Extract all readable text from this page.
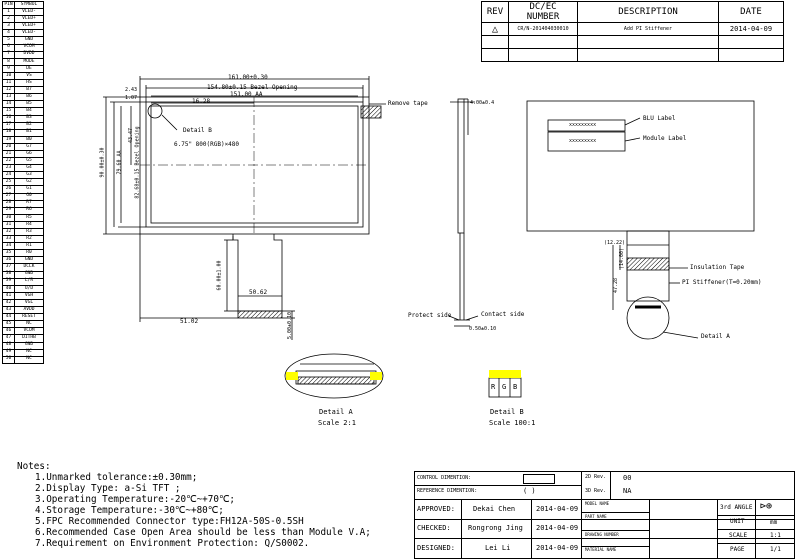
PIN	SYMBOL
1	VLED-
2	VLED+
3	VLED+
4	VLED-
5	GND
6	VCOM
7	DVDD
8	MODE
9	DE
10	VS
11	HS
12	B7
13	B6
14	B5
15	B4
16	B3
17	B2
18	B1
19	B0
20	G7
21	G6
22	G5
23	G4
24	G3
25	G2
26	G1
27	G0
28	R7
29	R6
30	R5
31	R4
32	R3
33	R2
34	R1
35	R0
36	GND
37	DCLK
38	GND
39	L/R
40	U/D
41	VGH
42	VGL
43	AVDD
44	RESET
45	NC
46	VCOM
47	DITHB
48	GND
49	NC
50	NC
REV	DC/EC NUMBER	DESCRIPTION	DATE
△	CR/N-201404030010	Add PI Stiffener	2014-04-09

161.00±0.30
154.80±0.15 Bezel Opening
151.00 AA
16.28
2.43
1.07
90.00±0.30	82.68±0.15 Bezel Opening
79.60 AA
43.47	Detail B
6.75" 800(RGB)×480
Remove tape
60.00±1.00
5.00±0.10
50.62
51.02
4.00±0.4
0.50±0.10
Protect side	Contact side
BLU Label
Module Label
xxxxxxxxx
xxxxxxxxx
(12.22)
(14.00)
47.28
Insulation Tape
PI Stiffener(T=0.20mm)
Detail A
Detail A
Scale 2:1
Detail B
Scale 100:1
R G B
Notes:
1.Unmarked tolerance:±0.30mm;
2.Display Type: a-Si TFT ;
3.Operating Temperature:-20℃~+70℃;
4.Storage Temperature:-30℃~+80℃;
5.FPC Recommended Connector type:FH12A-50S-0.5SH
6.Recommended Case Open Area should be less than Module V.A;
7.Requirement on Environment Protection: Q/S0002.
CONTROL DIMENTION:
REFERENCE DIMENTION:	( )
2D Rev. 00
3D Rev. NA
APPROVED:	Dekai Chen	2014-04-09
CHECKED: Rongrong Jing 2014-04-09
DESIGNED:	Lei Li	2014-04-09
MODEL NAME
PART NAME
DRAWING NUMBER
MATERIAL NAME
3rd ANGLE ⊳⊕
UNIT	mm
SCALE	1:1
PAGE	1/1
